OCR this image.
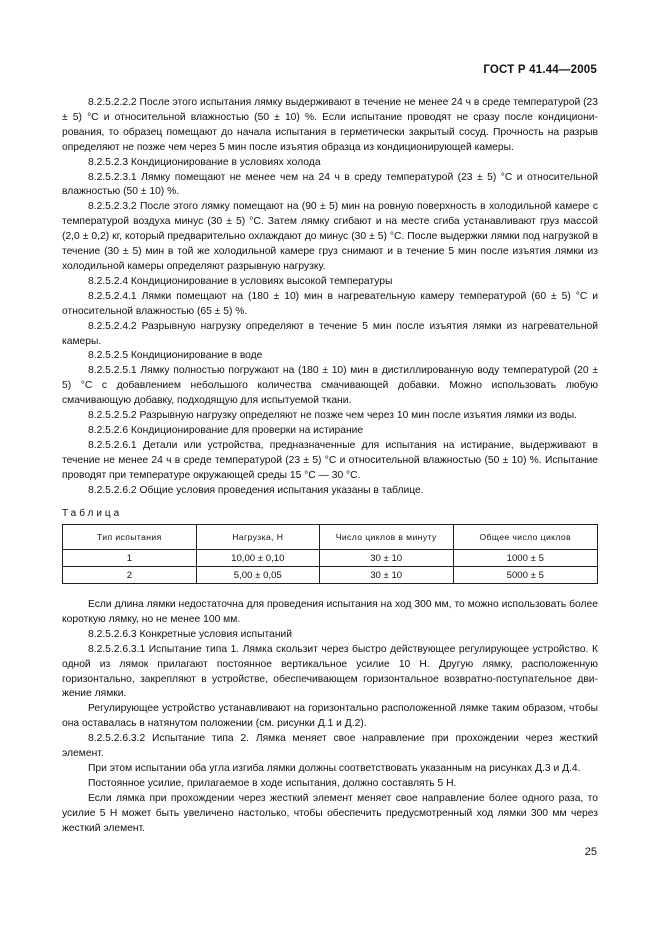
ГОСТ Р 41.44—2005

8.2.5.2.2.2 После этого испытания лямку выдерживают в течение не менее 24 ч в среде температурой (23 ± 5) °С и относительной влажностью (50 ± 10) %. Если испытание проводят не сразу после кондиционирования, то образец помещают до начала испытания в герметически закрытый сосуд. Прочность на разрыв определяют не позже чем через 5 мин после изъятия образца из кондиционирующей камеры.

8.2.5.2.3 Кондиционирование в условиях холода

8.2.5.2.3.1 Лямку помещают не менее чем на 24 ч в среду температурой (23 ± 5) °С и относительной влажностью (50 ± 10) %.

8.2.5.2.3.2 После этого лямку помещают на (90 ± 5) мин на ровную поверхность в холодильной камере с температурой воздуха минус (30 ± 5) °С. Затем лямку сгибают и на месте сгиба устанавливают груз массой (2,0 ± 0,2) кг, который предварительно охлаждают до минус (30 ± 5) °С. После выдержки лямки под нагрузкой в течение (30 ± 5) мин в той же холодильной камере груз снимают и в течение 5 мин после изъятия лямки из холодильной камеры определяют разрывную нагрузку.

8.2.5.2.4 Кондиционирование в условиях высокой температуры

8.2.5.2.4.1 Лямки помещают на (180 ± 10) мин в нагревательную камеру температурой (60 ± 5) °С и относительной влажностью (65 ± 5) %.

8.2.5.2.4.2 Разрывную нагрузку определяют в течение 5 мин после изъятия лямки из нагревательной камеры.

8.2.5.2.5 Кондиционирование в воде

8.2.5.2.5.1 Лямку полностью погружают на (180 ± 10) мин в дистиллированную воду температурой (20 ± 5) °С с добавлением небольшого количества смачивающей добавки. Можно использовать любую смачивающую добавку, подходящую для испытуемой ткани.

8.2.5.2.5.2 Разрывную нагрузку определяют не позже чем через 10 мин после изъятия лямки из воды.

8.2.5.2.6 Кондиционирование для проверки на истирание

8.2.5.2.6.1 Детали или устройства, предназначенные для испытания на истирание, выдерживают в течение не менее 24 ч в среде температурой (23 ± 5) °С и относительной влажностью (50 ± 10) %. Испытание проводят при температуре окружающей среды 15 °С — 30 °С.

8.2.5.2.6.2 Общие условия проведения испытания указаны в таблице.

Таблица
Тип испытания	Нагрузка, Н	Число циклов в минуту	Общее число циклов
1	10,00 ± 0,10	30 ± 10	1000 ± 5
2	5,00 ± 0,05	30 ± 10	5000 ± 5

Если длина лямки недостаточна для проведения испытания на ход 300 мм, то можно использовать более короткую лямку, но не менее 100 мм.

8.2.5.2.6.3 Конкретные условия испытаний

8.2.5.2.6.3.1 Испытание типа 1. Лямка скользит через быстро действующее регулирующее устройство. К одной из лямок прилагают постоянное вертикальное усилие 10 Н. Другую лямку, расположенную горизонтально, закрепляют в устройстве, обеспечивающем горизонтальное возвратно-поступательное движение лямки.

Регулирующее устройство устанавливают на горизонтально расположенной лямке таким образом, чтобы она оставалась в натянутом положении (см. рисунки Д.1 и Д.2).

8.2.5.2.6.3.2 Испытание типа 2. Лямка меняет свое направление при прохождении через жесткий элемент.

При этом испытании оба угла изгиба лямки должны соответствовать указанным на рисунках Д.3 и Д.4.

Постоянное усилие, прилагаемое в ходе испытания, должно составлять 5 Н.

Если лямка при прохождении через жесткий элемент меняет свое направление более одного раза, то усилие 5 Н может быть увеличено настолько, чтобы обеспечить предусмотренный ход лямки 300 мм через жесткий элемент.

25
